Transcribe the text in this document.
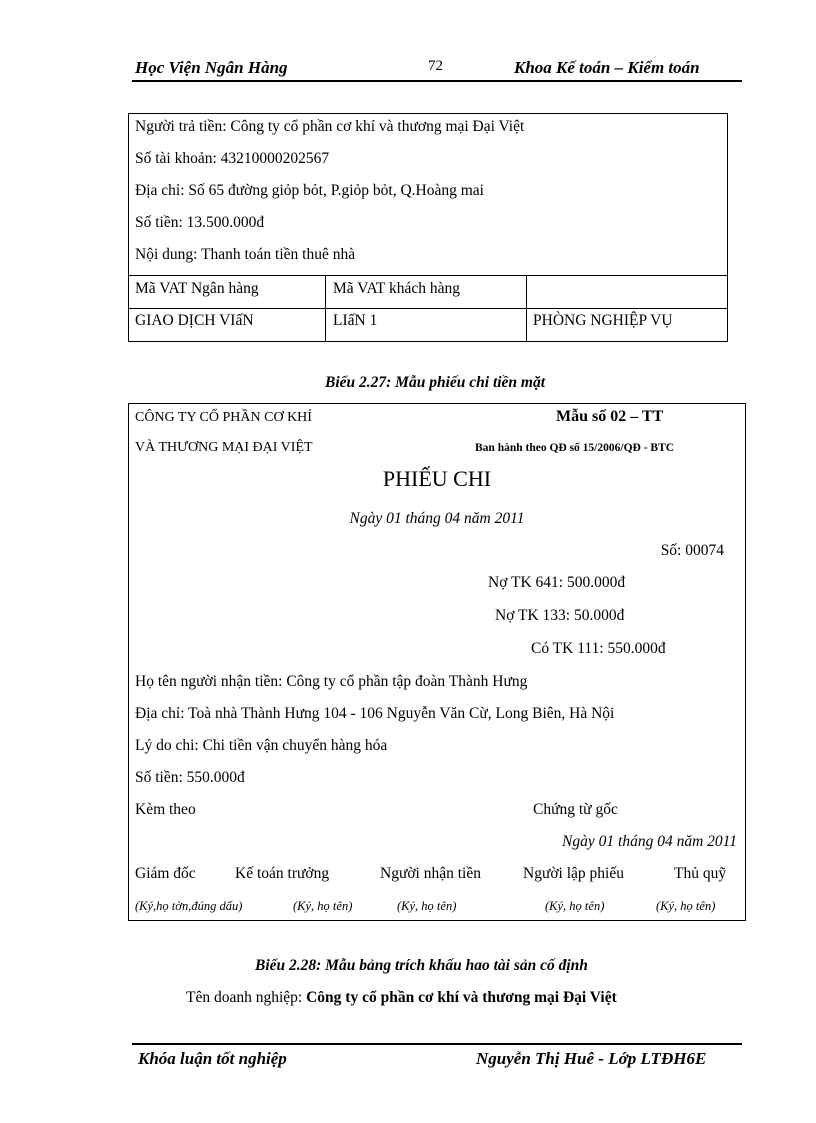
Học Viện Ngân Hàng	72	Khoa Kế toán – Kiểm toán
Người trả tiền: Công ty cổ phần cơ khí và thương mại Đại Việt
Số tài khoản: 43210000202567
Địa chỉ: Số 65 đường giỏp bỏt, P.giỏp bỏt, Q.Hoàng mai
Số tiền: 13.500.000đ
Nội dung: Thanh toán tiền thuê nhà
Mã VAT Ngân hàng	Mã VAT khách hàng
GIAO DỊCH VIấN	LIấN 1	PHÒNG NGHIỆP VỤ
Biểu 2.27: Mẫu phiếu chi tiền mặt
CÔNG TY CỔ PHẦN CƠ KHÍ
VÀ THƯƠNG MẠI ĐẠI VIỆT
Mẫu số 02 – TT
Ban hành theo QĐ số 15/2006/QĐ - BTC
PHIẾU CHI
Ngày 01 tháng 04 năm 2011
Số: 00074
Nợ TK 641: 500.000đ
Nợ TK 133: 50.000đ
Có TK 111: 550.000đ
Họ tên người nhận tiền: Công ty cổ phần tập đoàn Thành Hưng
Địa chỉ: Toà nhà Thành Hưng 104 - 106 Nguyễn Văn Cừ, Long Biên, Hà Nội
Lý do chi: Chi tiền vận chuyển hàng hóa
Số tiền: 550.000đ
Kèm theo	Chứng từ gốc
Ngày 01 tháng 04 năm 2011
Giám đốc	Kế toán trưởng	Người nhận tiền	Người lập phiếu	Thủ quỹ
(Ký,họ tờn,đúng dấu)	(Ký, họ tên)	(Ký, họ tên)	(Ký, họ tên)	(Ký, họ tên)
Biểu 2.28: Mẫu bảng trích khấu hao tài sản cố định
Tên doanh nghiệp: Công ty cổ phần cơ khí và thương mại Đại Việt
Khóa luận tốt nghiệp	Nguyễn Thị Huê - Lớp LTĐH6E
